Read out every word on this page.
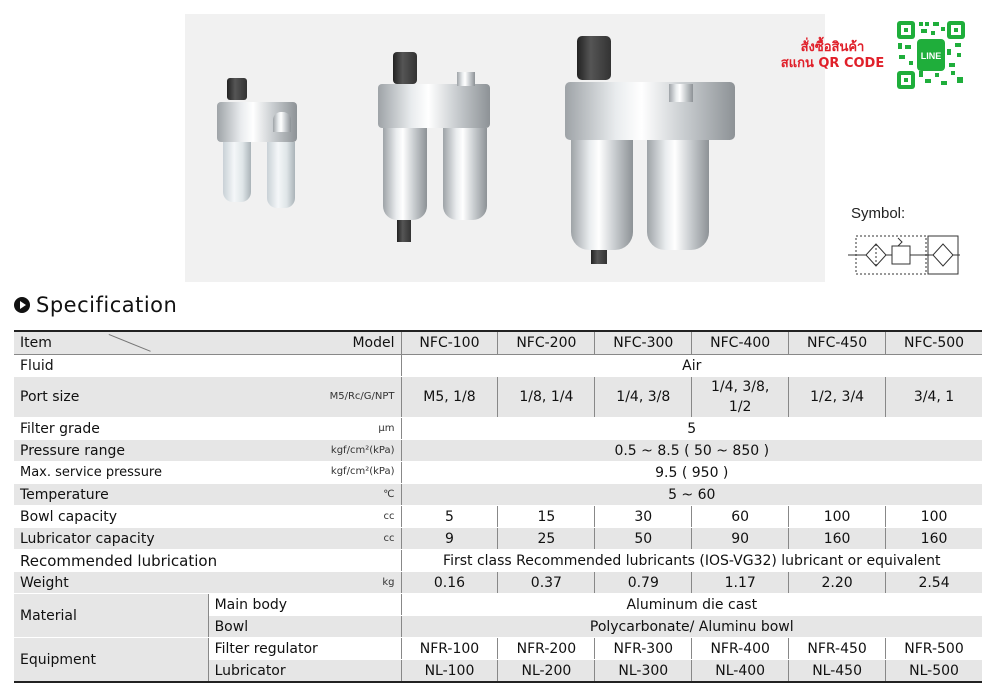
สั่งซื้อสินค้า
สแกน QR CODE	LINE
Symbol:
Specification
Item Model		NFC-100	NFC-200	NFC-300	NFC-400	NFC-450	NFC-500
Fluid		Air					
Port size M5/Rc/G/NPT		M5, 1/8	1/8, 1/4	1/4, 3/8	1/4, 3/8, 1/2	1/2, 3/4	3/4, 1
Filter grade μm		5					
Pressure range kgf/cm²(kPa)		0.5 ~ 8.5 ( 50 ~ 850 )					
Max. service pressure kgf/cm²(kPa)		9.5 ( 950 )					
Temperature ℃		5 ~ 60					
Bowl capacity cc		5	15	30	60	100	100
Lubricator capacity cc		9	25	50	90	160	160
Recommended lubrication		First class Recommended lubricants (IOS-VG32) lubricant or equivalent					
Weight kg		0.16	0.37	0.79	1.17	2.20	2.54
Material	Main body	Aluminum die cast					
	Bowl	Polycarbonate/ Aluminu bowl					
Equipment	Filter regulator	NFR-100	NFR-200	NFR-300	NFR-400	NFR-450	NFR-500
	Lubricator	NL-100	NL-200	NL-300	NL-400	NL-450	NL-500
